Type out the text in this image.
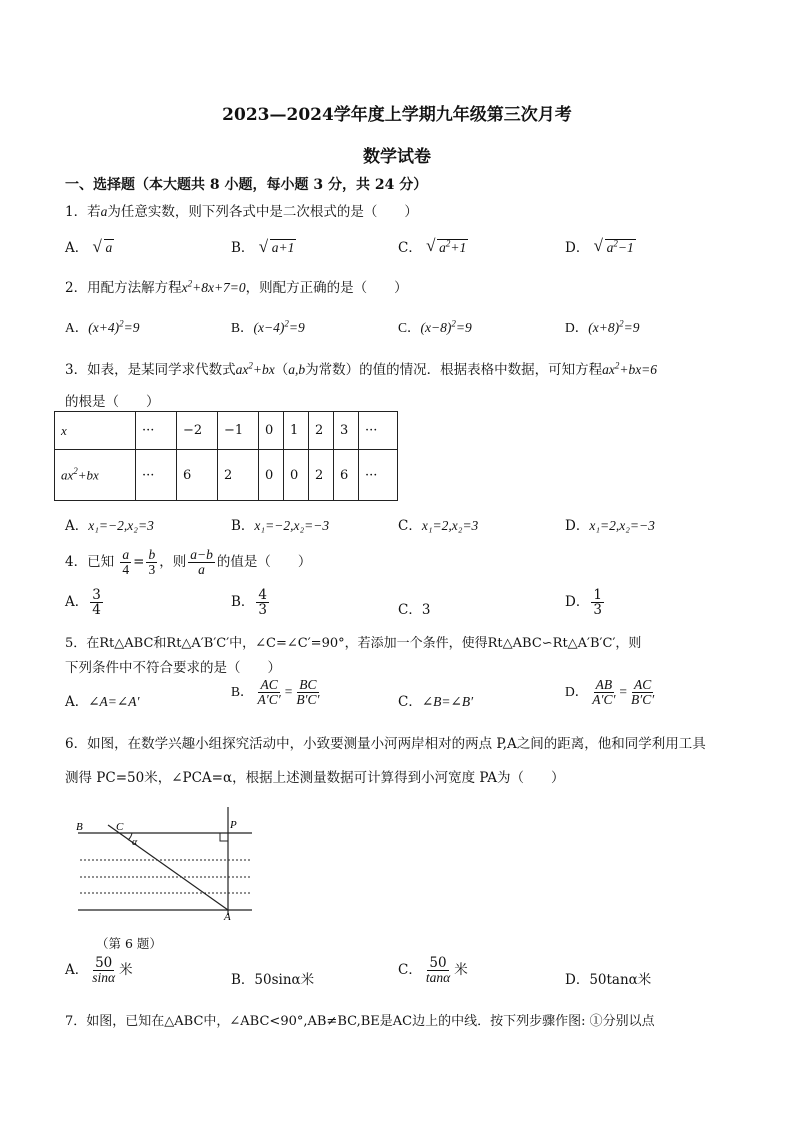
2023—2024学年度上学期九年级第三次月考
数学试卷
一、选择题（本大题共 8 小题，每小题 3 分，共 24 分）
1．若a为任意实数，则下列各式中是二次根式的是（　　）
A． √ a	B． √ a+1	C． √ $a^2+1$	D． √ $a^2-1$
2．用配方法解方程$x^2+8x+7=0$，则配方正确的是（　　）
A．$(x+4)^2=9$	B．$(x-4)^2=9$	C．$(x-8)^2=9$	D．$(x+8)^2=9$
3．如表，是某同学求代数式$ax^2+bx(a,b$为常数）的值的情况．根据表格中数据，可知方程$ax^2+bx=6$
的根是（　　）
x	···	−2	−1	0	1	2	3	···
$ax^2+bx$	···	6	2	0	0	2	6	···
A．x₁=−2,x₂=3	B．x₁=−2,x₂=−3	C．x₁=2,x₂=3	D．x₁=2,x₂=−3
4．已知 $\frac{a}{4} = \frac{b}{3}$ ，则 $\frac{a-b}{a}$ 的值是（　　）
A． $\frac{3}{4}$	B． $\frac{4}{3}$	C．3	D． $\frac{1}{3}$
5．在Rt△ABC和Rt△A′B′C′中，∠C=∠C′=90°，若添加一个条件，使得Rt△ABC∽Rt△A′B′C′，则
下列条件中不符合要求的是（　　）
A．∠A=∠A′
B． $\frac{AC}{A'C'} = \frac{BC}{B'C'}$	C．∠B=∠B′
D． $\frac{AB}{A'C'} = \frac{AC}{B'C'}$
6．如图，在数学兴趣小组探究活动中，小致要测量小河两岸相对的两点 P,A之间的距离，他和同学利用工具
测得 PC=50米，∠PCA=α，根据上述测量数据可计算得到小河宽度 PA为（　　）
B	C
α
P
A
（第 6 题）
A． $\frac{50}{\sin\alpha}$ 米
B．50sinα米
C． $\frac{50}{\tan\alpha}$ 米
D．50tanα米
7．如图，已知在△ABC中，∠ABC<90°,AB≠BC,BE是AC边上的中线．按下列步骤作图: ①分别以点
